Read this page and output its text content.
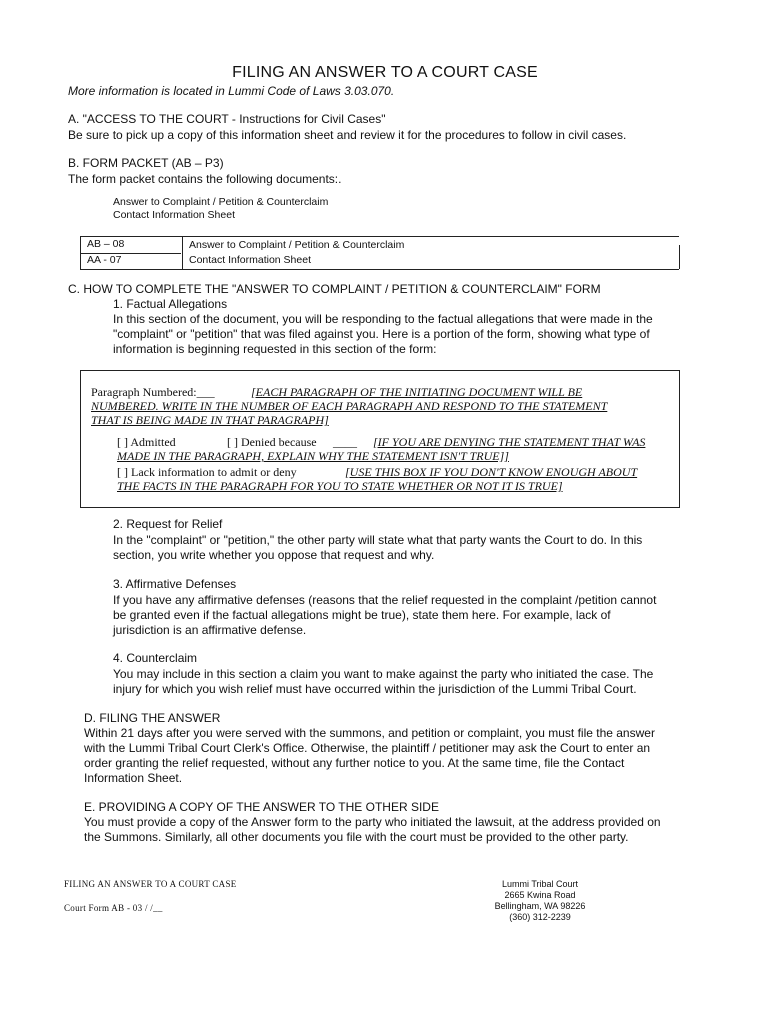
FILING AN ANSWER TO A COURT CASE
More information is located in Lummi Code of Laws 3.03.070.
A. "ACCESS TO THE COURT - Instructions for Civil Cases"
Be sure to pick up a copy of this information sheet and review it for the procedures to follow in civil cases.
B. FORM PACKET (AB – P3)
The form packet contains the following documents:.
Answer to Complaint / Petition & Counterclaim
Contact Information Sheet
AB – 08	Answer to Complaint / Petition & Counterclaim
AA - 07	Contact Information Sheet
C. HOW TO COMPLETE THE "ANSWER TO COMPLAINT / PETITION & COUNTERCLAIM" FORM
1. Factual Allegations
In this section of the document, you will be responding to the factual allegations that were made in the
"complaint" or "petition" that was filed against you. Here is a portion of the form, showing what type of
information is beginning requested in this section of the form:
Paragraph Numbered:___	[EACH PARAGRAPH OF THE INITIATING DOCUMENT WILL BE
NUMBERED. WRITE IN THE NUMBER OF EACH PARAGRAPH AND RESPOND TO THE STATEMENT
THAT IS BEING MADE IN THAT PARAGRAPH]
[ ] Admitted	[ ] Denied because ____ [IF YOU ARE DENYING THE STATEMENT THAT WAS
MADE IN THE PARAGRAPH, EXPLAIN WHY THE STATEMENT ISN'T TRUE]]
[ ] Lack information to admit or deny	[USE THIS BOX IF YOU DON'T KNOW ENOUGH ABOUT
THE FACTS IN THE PARAGRAPH FOR YOU TO STATE WHETHER OR NOT IT IS TRUE]
2. Request for Relief
In the "complaint" or "petition," the other party will state what that party wants the Court to do. In this
section, you write whether you oppose that request and why.
3. Affirmative Defenses
If you have any affirmative defenses (reasons that the relief requested in the complaint /petition cannot
be granted even if the factual allegations might be true), state them here. For example, lack of
jurisdiction is an affirmative defense.
4. Counterclaim
You may include in this section a claim you want to make against the party who initiated the case. The
injury for which you wish relief must have occurred within the jurisdiction of the Lummi Tribal Court.
D. FILING THE ANSWER
Within 21 days after you were served with the summons, and petition or complaint, you must file the answer
with the Lummi Tribal Court Clerk's Office. Otherwise, the plaintiff / petitioner may ask the Court to enter an
order granting the relief requested, without any further notice to you. At the same time, file the Contact
Information Sheet.
E. PROVIDING A COPY OF THE ANSWER TO THE OTHER SIDE
You must provide a copy of the Answer form to the party who initiated the lawsuit, at the address provided on
the Summons. Similarly, all other documents you file with the court must be provided to the other party.
FILING AN ANSWER TO A COURT CASE
Court Form AB - 03 / /__
Lummi Tribal Court
2665 Kwina Road
Bellingham, WA 98226
(360) 312-2239
